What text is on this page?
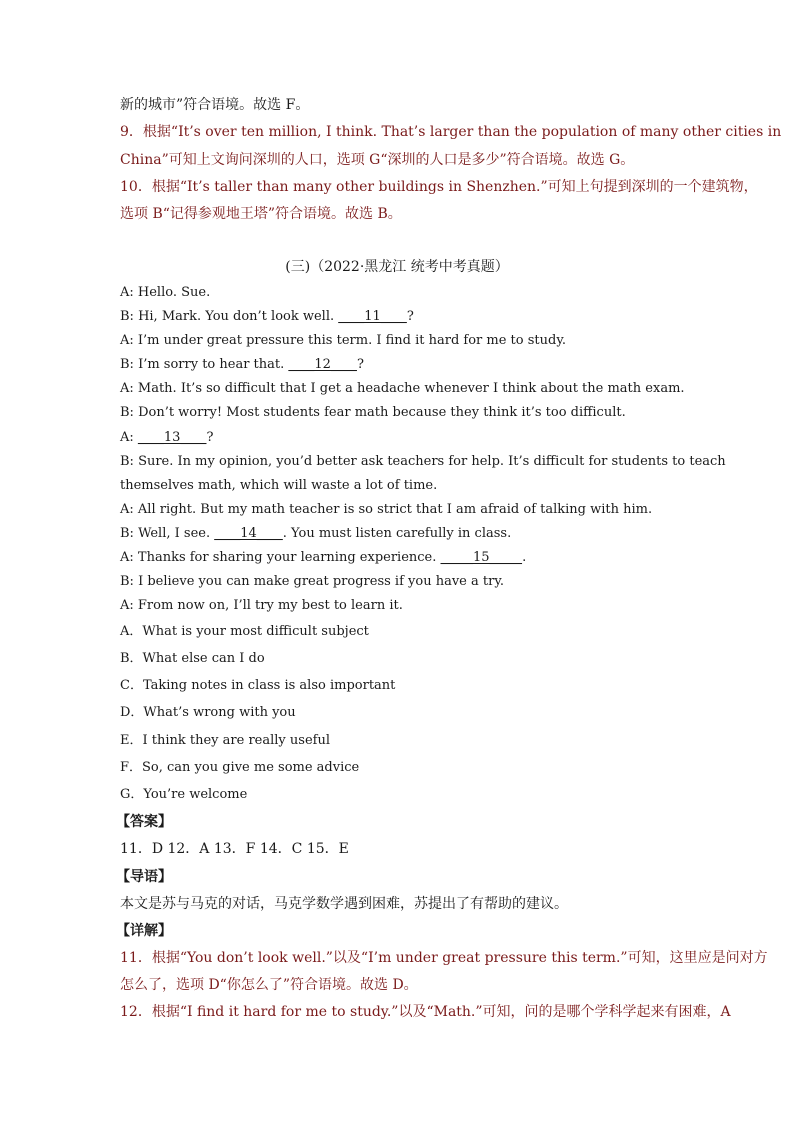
新的城市”符合语境。故选 F。
9．根据“It’s over ten million, I think. That’s larger than the population of many other cities in
China”可知上文询问深圳的人口，选项 G“深圳的人口是多少”符合语境。故选 G。
10．根据“It’s taller than many other buildings in Shenzhen.”可知上句提到深圳的一个建筑物，
选项 B“记得参观地王塔”符合语境。故选 B。
(三)（2022·黑龙江 统考中考真题）
A: Hello. Sue.
B: Hi, Mark. You don’t look well. ____11____?
A: I’m under great pressure this term. I find it hard for me to study.
B: I’m sorry to hear that. ____12____?
A: Math. It’s so difficult that I get a headache whenever I think about the math exam.
B: Don’t worry! Most students fear math because they think it’s too difficult.
A: ____13____?
B: Sure. In my opinion, you’d better ask teachers for help. It’s difficult for students to teach
themselves math, which will waste a lot of time.
A: All right. But my math teacher is so strict that I am afraid of talking with him.
B: Well, I see. ____14____. You must listen carefully in class.
A: Thanks for sharing your learning experience. _____15_____.
B: I believe you can make great progress if you have a try.
A: From now on, I’ll try my best to learn it.
A．What is your most difficult subject
B．What else can I do
C．Taking notes in class is also important
D．What’s wrong with you
E．I think they are really useful
F．So, can you give me some advice
G．You’re welcome
【答案】
11．D 12．A 13．F 14．C 15．E
【导语】
本文是苏与马克的对话，马克学数学遇到困难，苏提出了有帮助的建议。
【详解】
11．根据“You don’t look well.”以及“I’m under great pressure this term.”可知，这里应是问对方
怎么了，选项 D“你怎么了”符合语境。故选 D。
12．根据“I find it hard for me to study.”以及“Math.”可知，问的是哪个学科学起来有困难，A
